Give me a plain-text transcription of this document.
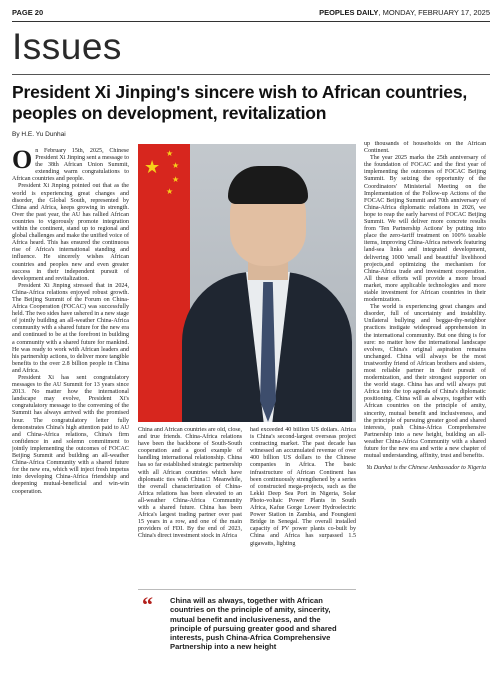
PAGE 20	PEOPLES DAILY, MONDAY, FEBRUARY 17, 2025
Issues
President Xi Jinping's sincere wish to African countries, peoples on development, revitalization
By H.E. Yu Dunhai

On February 15th, 2025, Chinese President Xi Jinping sent a message to the 38th African Union Summit, extending warm congratulations to African countries and people.

President Xi Jinping pointed out that as the world is experiencing great changes and disorder, the Global South, represented by China and Africa, keeps growing in strength. Over the past year, the AU has rallied African countries to vigorously promote integration within the continent, stand up to regional and global challenges and make the unified voice of Africa heard. This has ensured the continuous rise of Africa's international standing and influence. He sincerely wishes African countries and peoples new and even greater success in their independent pursuit of development and revitalization.

President Xi Jinping stressed that in 2024, China-Africa relations enjoyed robust growth. The Beijing Summit of the Forum on China-Africa Cooperation (FOCAC) was successfully held. The two sides have ushered in a new stage of jointly building an all-weather China-Africa community with a shared future for the new era and continued to be at the forefront in building a community with a shared future for mankind. He was ready to work with African leaders and his partnership actions, to deliver more tangible benefits to the over 2.8 billion people in China and Africa.

President Xi has sent congratulatory messages to the AU Summit for 13 years since 2013. No matter how the international landscape may evolve, President Xi's congratulatory message to the convening of the Summit has always arrived with the promised hour. The congratulatory letter fully demonstrates China's high attention paid to AU and China-Africa relations, China's firm confidence in and solemn commitment to jointly implementing the outcomes of FOCAC Beijing Summit and building an all-weather China-Africa Community with a shared future for the new era, which will inject fresh impetus into developing China-Africa friendship and deepening mutual-beneficial and win-win cooperation.

★
★
★
★
★

China and African countries are old, close, and true friends. China-Africa relations have been the backbone of South-South cooperation and a good example of handling international relationship. China has so far established strategic partnership with all African countries which have diplomatic ties with China□ Meanwhile, the overall characterization of China-Africa relations has been elevated to an all-weather China-Africa Community with a shared future. China has been Africa's largest trading partner over past 15 years in a row, and one of the main providers of FDI. By the end of 2023, China's direct investment stock in Africa

had exceeded 40 billion US dollars. Africa is China's second-largest overseas project contracting market. The past decade has witnessed an accumulated revenue of over 400 billion US dollars to the Chinese companies in Africa. The basic infrastructure of African Continent has been continuously strengthened by a series of constructed mega-projects, such as the Lekki Deep Sea Port in Nigeria, Solar Photo-voltaic Power Plants in South Africa, Kafue Gorge Lower Hydroelectric Power Station in Zambia, and Foungieni Bridge in Senegal. The overall installed capacity of PV power plants co-built by China and Africa has surpassed 1.5 gigawatts, lighting

“ China will as always, together with African countries on the principle of amity, sincerity, mutual benefit and inclusiveness, and the principle of pursuing greater good and shared interests, push China-Africa Comprehensive Partnership into a new height

up thousands of households on the African Continent.

The year 2025 marks the 25th anniversary of the foundation of FOCAC and the first year of implementing the outcomes of FOCAC Beijing Summit. By seizing the opportunity of the Coordinators' Ministerial Meeting on the Implementation of the Follow-up Actions of the FOCAC Beijing Summit and 70th anniversary of China-Africa diplomatic relations in 2026, we hope to reap the early harvest of FOCAC Beijing Summit. We will deliver more concrete results from 'Ten Partnership Actions' by putting into place the zero-tariff treatment on 100% taxable items, improving China-Africa network featuring land-sea links and integrated development, delivering 1000 'small and beautiful' livelihood projects,and optimizing the mechanism for China-Africa trade and investment cooperation. All these efforts will provide a more broad market, more applicable technologies and more stable investment for African countries in their modernization.

The world is experiencing great changes and disorder, full of uncertainty and instability. Unilateral bullying and beggar-thy-neighbor practices instigate widespread apprehension in the international community. But one thing is for sure: no matter how the international landscape evolves, China's original aspiration remains unchanged. China will always be the most trustworthy friend of African brothers and sisters, most reliable partner in their pursuit of modernization, and their strongest supporter on the world stage. China has and will always put Africa into the top agenda of China's diplomatic positioning. China will as always, together with African countries on the principle of amity, sincerity, mutual benefit and inclusiveness, and the principle of pursuing greater good and shared interests, push China-Africa Comprehensive Partnership into a new height, building an all-weather China-Africa Community with a shared future for the new era and write a new chapter of mutual understanding, affinity, trust and benefits.

Yu Dunhai is the Chinese Ambassador to Nigeria
